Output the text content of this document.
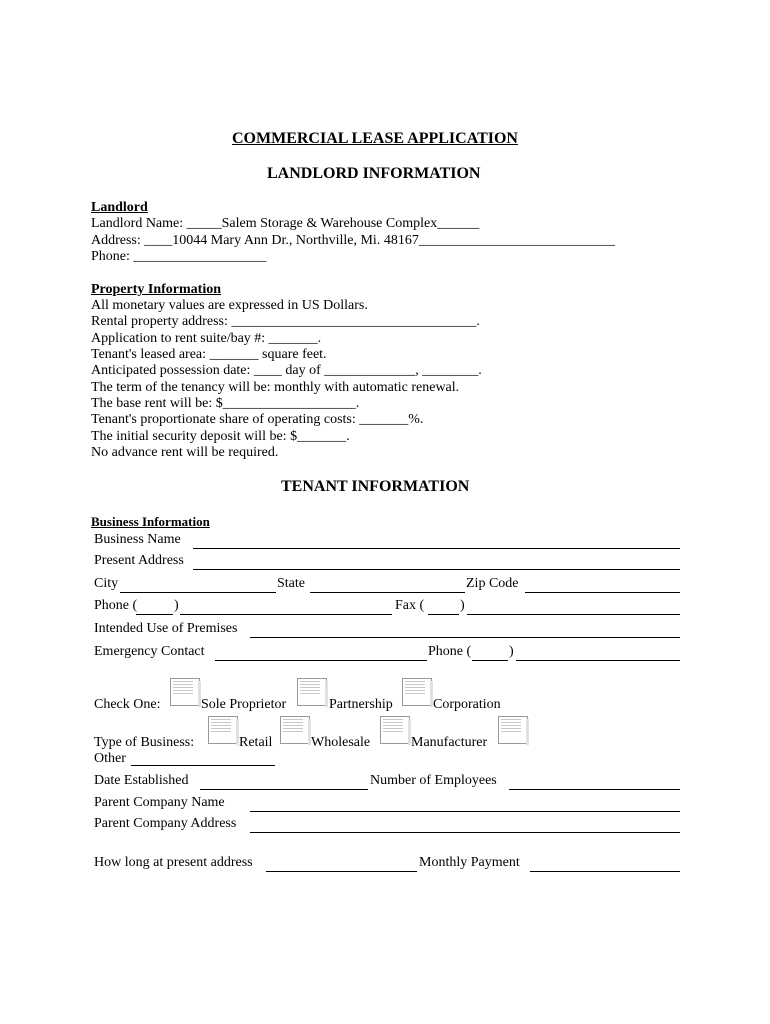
COMMERCIAL LEASE APPLICATION
LANDLORD INFORMATION
Landlord
Landlord Name: _____Salem Storage & Warehouse Complex______
Address: ____10044 Mary Ann Dr., Northville, Mi. 48167____________________________
Phone: ___________________
Property Information
All monetary values are expressed in US Dollars.
Rental property address: ___________________________________.
Application to rent suite/bay #: _______.
Tenant's leased area: _______ square feet.
Anticipated possession date: ____ day of _____________, ________.
The term of the tenancy will be: monthly with automatic renewal.
The base rent will be: $___________________.
Tenant's proportionate share of operating costs: _______%.
The initial security deposit will be: $_______.
No advance rent will be required.
TENANT INFORMATION
Business Information
Business Name
Present Address
City	State	Zip Code
Phone (	)	Fax (	)
Intended Use of Premises
Emergency Contact	Phone (	)
Check One:	Sole Proprietor	Partnership	Corporation
Type of Business:	Retail	Wholesale	Manufacturer
Other
Date Established	Number of Employees
Parent Company Name
Parent Company Address
How long at present address	Monthly Payment
